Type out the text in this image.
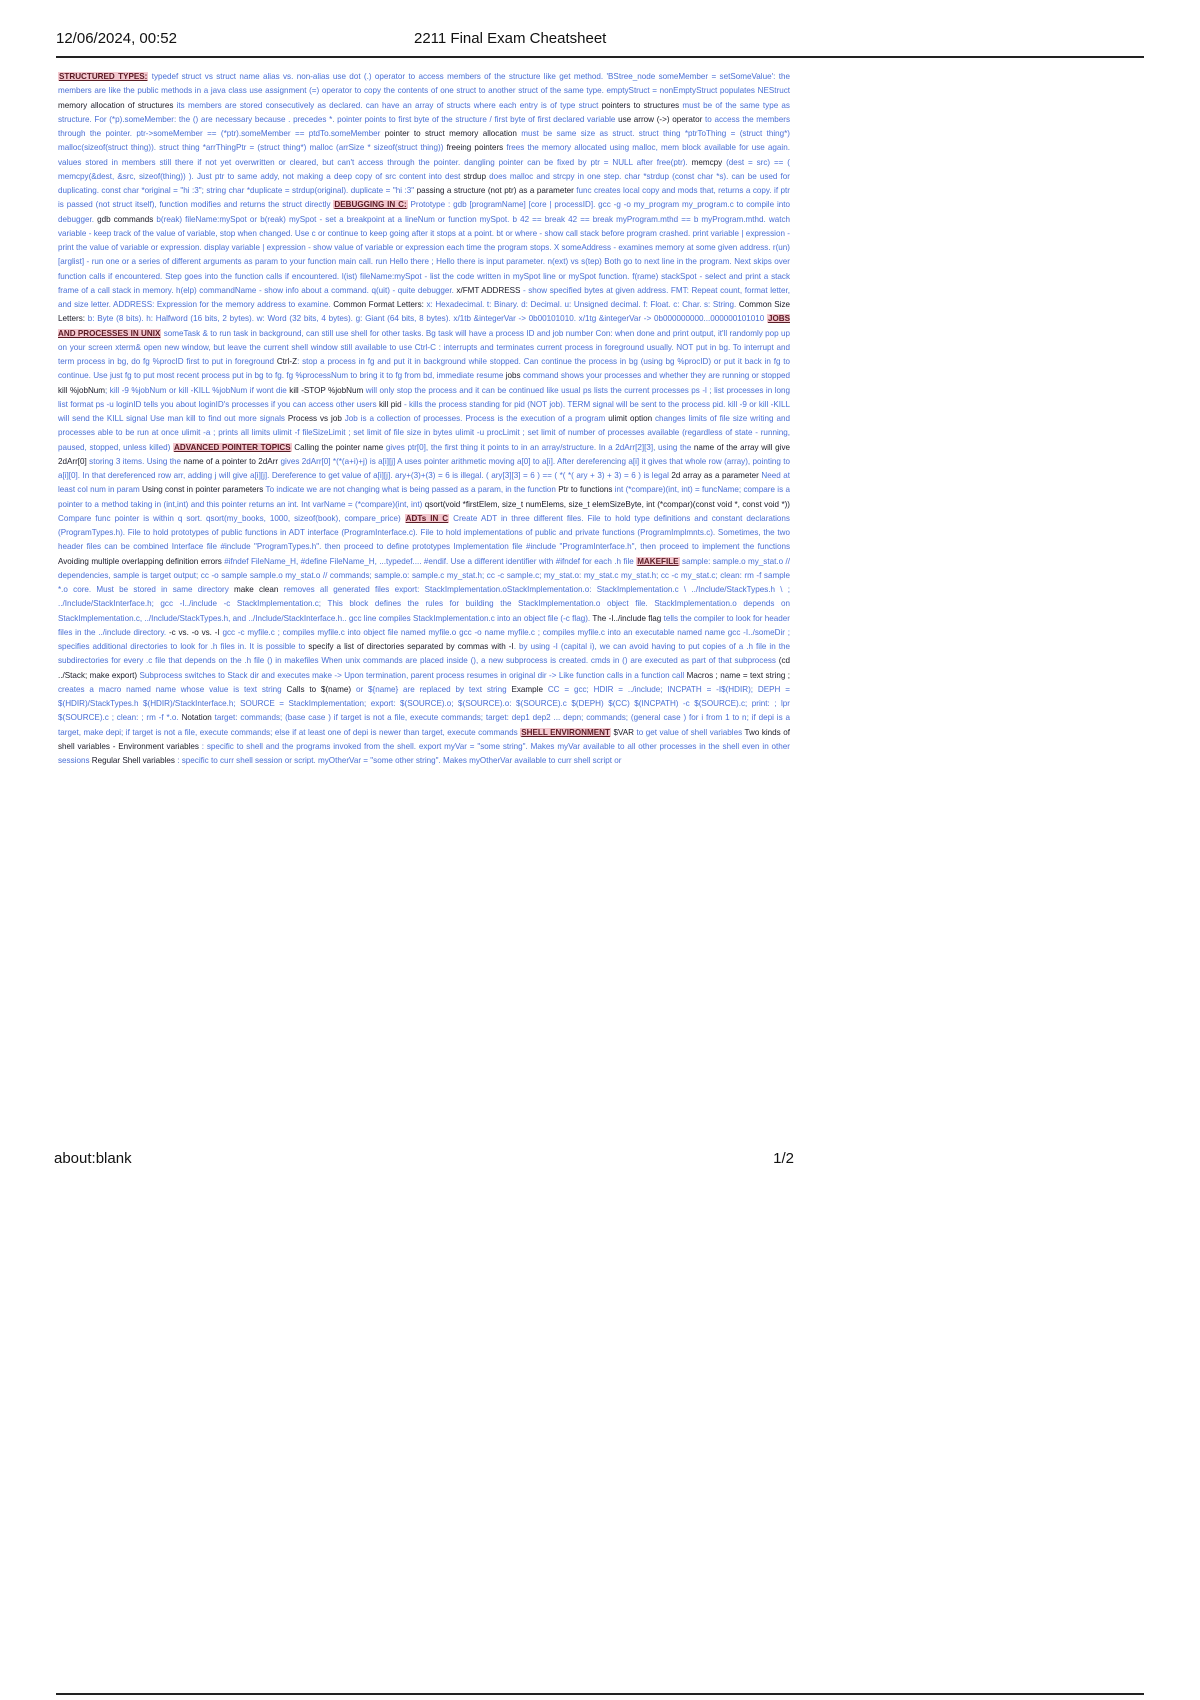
12/06/2024, 00:52	2211 Final Exam Cheatsheet
STRUCTURED TYPES: typedef struct vs struct name alias vs. non-alias use dot (.) operator to access members of the structure like get method. 'BStree_node someMember = setSomeValue': the members are like the public methods in a java class use assignment (=) operator to copy the contents of one struct to another struct of the same type. emptyStruct = nonEmptyStruct populates NEStruct memory allocation of structures its members are stored consecutively as declared. can have an array of structs where each entry is of type struct pointers to structures must be of the same type as structure. For (*p).someMember: the () are necessary because . precedes *. pointer points to first byte of the structure / first byte of first declared variable use arrow (->) operator to access the members through the pointer. ptr->someMember == (*ptr).someMember == ptdTo.someMember pointer to struct memory allocation must be same size as struct. struct thing *ptrToThing = (struct thing*) malloc(sizeof(struct thing)). struct thing *arrThingPtr = (struct thing*) malloc (arrSize * sizeof(struct thing)) freeing pointers frees the memory allocated using malloc, mem block available for use again. values stored in members still there if not yet overwritten or cleared, but can't access through the pointer. dangling pointer can be fixed by ptr = NULL after free(ptr). memcpy (dest = src) == ( memcpy(&dest, &src, sizeof(thing)) ). Just ptr to same addy, not making a deep copy of src content into dest strdup does malloc and strcpy in one step. char *strdup (const char *s). can be used for duplicating. const char *original = "hi :3"; string char *duplicate = strdup(original). duplicate = "hi :3" passing a structure (not ptr) as a parameter func creates local copy and mods that, returns a copy. if ptr is passed (not struct itself), function modifies and returns the struct directly DEBUGGING IN C: Prototype : gdb [programName] [core | processID]. gcc -g -o my_program my_program.c to compile into debugger. gdb commands b(reak) fileName:mySpot or b(reak) mySpot - set a breakpoint at a lineNum or function mySpot. b 42 == break 42 == break myProgram.mthd == b myProgram.mthd. watch variable - keep track of the value of variable, stop when changed. Use c or continue to keep going after it stops at a point. bt or where - show call stack before program crashed. print variable | expression - print the value of variable or expression. display variable | expression - show value of variable or expression each time the program stops. X someAddress - examines memory at some given address. r(un) [arglist] - run one or a series of different arguments as param to your function main call. run Hello there ; Hello there is input parameter. n(ext) vs s(tep) Both go to next line in the program. Next skips over function calls if encountered. Step goes into the function calls if encountered. l(ist) fileName:mySpot - list the code written in mySpot line or mySpot function. f(rame) stackSpot - select and print a stack frame of a call stack in memory. h(elp) commandName - show info about a command. q(uit) - quite debugger. x/FMT ADDRESS - show specified bytes at given address. FMT: Repeat count, format letter, and size letter. ADDRESS: Expression for the memory address to examine. Common Format Letters: x: Hexadecimal. t: Binary. d: Decimal. u: Unsigned decimal. f: Float. c: Char. s: String. Common Size Letters: b: Byte (8 bits). h: Halfword (16 bits, 2 bytes). w: Word (32 bits, 4 bytes). g: Giant (64 bits, 8 bytes). x/1tb &integerVar -> 0b00101010. x/1tg &integerVar -> 0b000000000...000000101010 JOBS AND PROCESSES IN UNIX someTask & to run task in background, can still use shell for other tasks. Bg task will have a process ID and job number Con: when done and print output, it'll randomly pop up on your screen xterm& open new window, but leave the current shell window still available to use Ctrl-C : interrupts and terminates current process in foreground usually. NOT put in bg. To interrupt and term process in bg, do fg %procID first to put in foreground Ctrl-Z: stop a process in fg and put it in background while stopped. Can continue the process in bg (using bg %procID) or put it back in fg to continue. Use just fg to put most recent process put in bg to fg. fg %processNum to bring it to fg from bd, immediate resume jobs command shows your processes and whether they are running or stopped kill %jobNum; kill -9 %jobNum or kill -KILL %jobNum if wont die kill -STOP %jobNum will only stop the process and it can be continued like usual ps lists the current processes ps -l ; list processes in long list format ps -u loginID tells you about loginID's processes if you can access other users kill pid - kills the process standing for pid (NOT job). TERM signal will be sent to the process pid. kill -9 or kill -KILL will send the KILL signal Use man kill to find out more signals Process vs job Job is a collection of processes. Process is the execution of a program ulimit option changes limits of file size writing and processes able to be run at once ulimit -a ; prints all limits ulimit -f fileSizeLimit ; set limit of file size in bytes ulimit -u procLimit ; set limit of number of processes available (regardless of state - running, paused, stopped, unless killed) ADVANCED POINTER TOPICS Calling the pointer name gives ptr[0], the first thing it points to in an array/structure. In a 2dArr[2][3], using the name of the array will give 2dArr[0] storing 3 items. Using the name of a pointer to 2dArr gives 2dArr[0] *(*(a+i)+j) is a[i][j] A uses pointer arithmetic moving a[0] to a[i]. After dereferencing a[i] it gives that whole row (array), pointing to a[i][0]. In that dereferenced row arr, adding j will give a[i][j]. Dereference to get value of a[i][j]. ary+(3)+(3) = 6 is illegal. ( ary[3][3] = 6 ) == ( *( *( ary + 3) + 3) = 6 ) is legal 2d array as a parameter Need at least col num in param Using const in pointer parameters To indicate we are not changing what is being passed as a param, in the function Ptr to functions int (*compare)(int, int) = funcName; compare is a pointer to a method taking in (int,int) and this pointer returns an int. Int varName = (*compare)(int, int) qsort(void *firstElem, size_t numElems, size_t elemSizeByte, int (*compar)(const void *, const void *)) Compare func pointer is within q sort. qsort(my_books, 1000, sizeof(book), compare_price) ADTs IN C Create ADT in three different files. File to hold type definitions and constant declarations (ProgramTypes.h). File to hold prototypes of public functions in ADT interface (ProgramInterface.c). File to hold implementations of public and private functions (ProgramImplmnts.c). Sometimes, the two header files can be combined Interface file #include "ProgramTypes.h". then proceed to define prototypes Implementation file #include "ProgramInterface.h", then proceed to implement the functions Avoiding multiple overlapping definition errors #ifndef FileName_H, #define FileName_H, ...typedef.... #endif. Use a different identifier with #ifndef for each .h file MAKEFILE sample: sample.o my_stat.o // dependencies, sample is target output; cc -o sample sample.o my_stat.o // commands; sample.o: sample.c my_stat.h; cc -c sample.c; my_stat.o: my_stat.c my_stat.h; cc -c my_stat.c; clean: rm -f sample *.o core. Must be stored in same directory make clean removes all generated files export: StackImplementation.oStackImplementation.o: StackImplementation.c \ ../Include/StackTypes.h \ ; ../Include/StackInterface.h; gcc -I../include -c StackImplementation.c; This block defines the rules for building the StackImplementation.o object file. StackImplementation.o depends on StackImplementation.c, ../Include/StackTypes.h, and ../Include/StackInterface.h.. gcc line compiles StackImplementation.c into an object file (-c flag). The -I../include flag tells the compiler to look for header files in the ../include directory. -c vs. -o vs. -I gcc -c myfile.c ; compiles myfile.c into object file named myfile.o gcc -o name myfile.c ; compiles myfile.c into an executable named name gcc -I../someDir ; specifies additional directories to look for .h files in. It is possible to specify a list of directories separated by commas with -I. by using -I (capital i), we can avoid having to put copies of a .h file in the subdirectories for every .c file that depends on the .h file () in makefiles When unix commands are placed inside (), a new subprocess is created. cmds in () are executed as part of that subprocess (cd ../Stack; make export) Subprocess switches to Stack dir and executes make -> Upon termination, parent process resumes in original dir -> Like function calls in a function call Macros ; name = text string ; creates a macro named name whose value is text string Calls to $(name) or ${name} are replaced by text string Example CC = gcc; HDIR = ../include; INCPATH = -I$(HDIR); DEPH = $(HDIR)/StackTypes.h $(HDIR)/StackInterface.h; SOURCE = StackImplementation; export: $(SOURCE).o; $(SOURCE).o: $(SOURCE).c $(DEPH) $(CC) $(INCPATH) -c $(SOURCE).c; print: ; lpr $(SOURCE).c ; clean: ; rm -f *.o. Notation target: commands; (base case ) if target is not a file, execute commands; target: dep1 dep2 ... depn; commands; (general case ) for i from 1 to n; if depi is a target, make depi; if target is not a file, execute commands; else if at least one of depi is newer than target, execute commands SHELL ENVIRONMENT $VAR to get value of shell variables Two kinds of shell variables - Environment variables : specific to shell and the programs invoked from the shell. export myVar = "some string". Makes myVar available to all other processes in the shell even in other sessions Regular Shell variables : specific to curr shell session or script. myOtherVar = "some other string". Makes myOtherVar available to curr shell script or
about:blank	1/2
